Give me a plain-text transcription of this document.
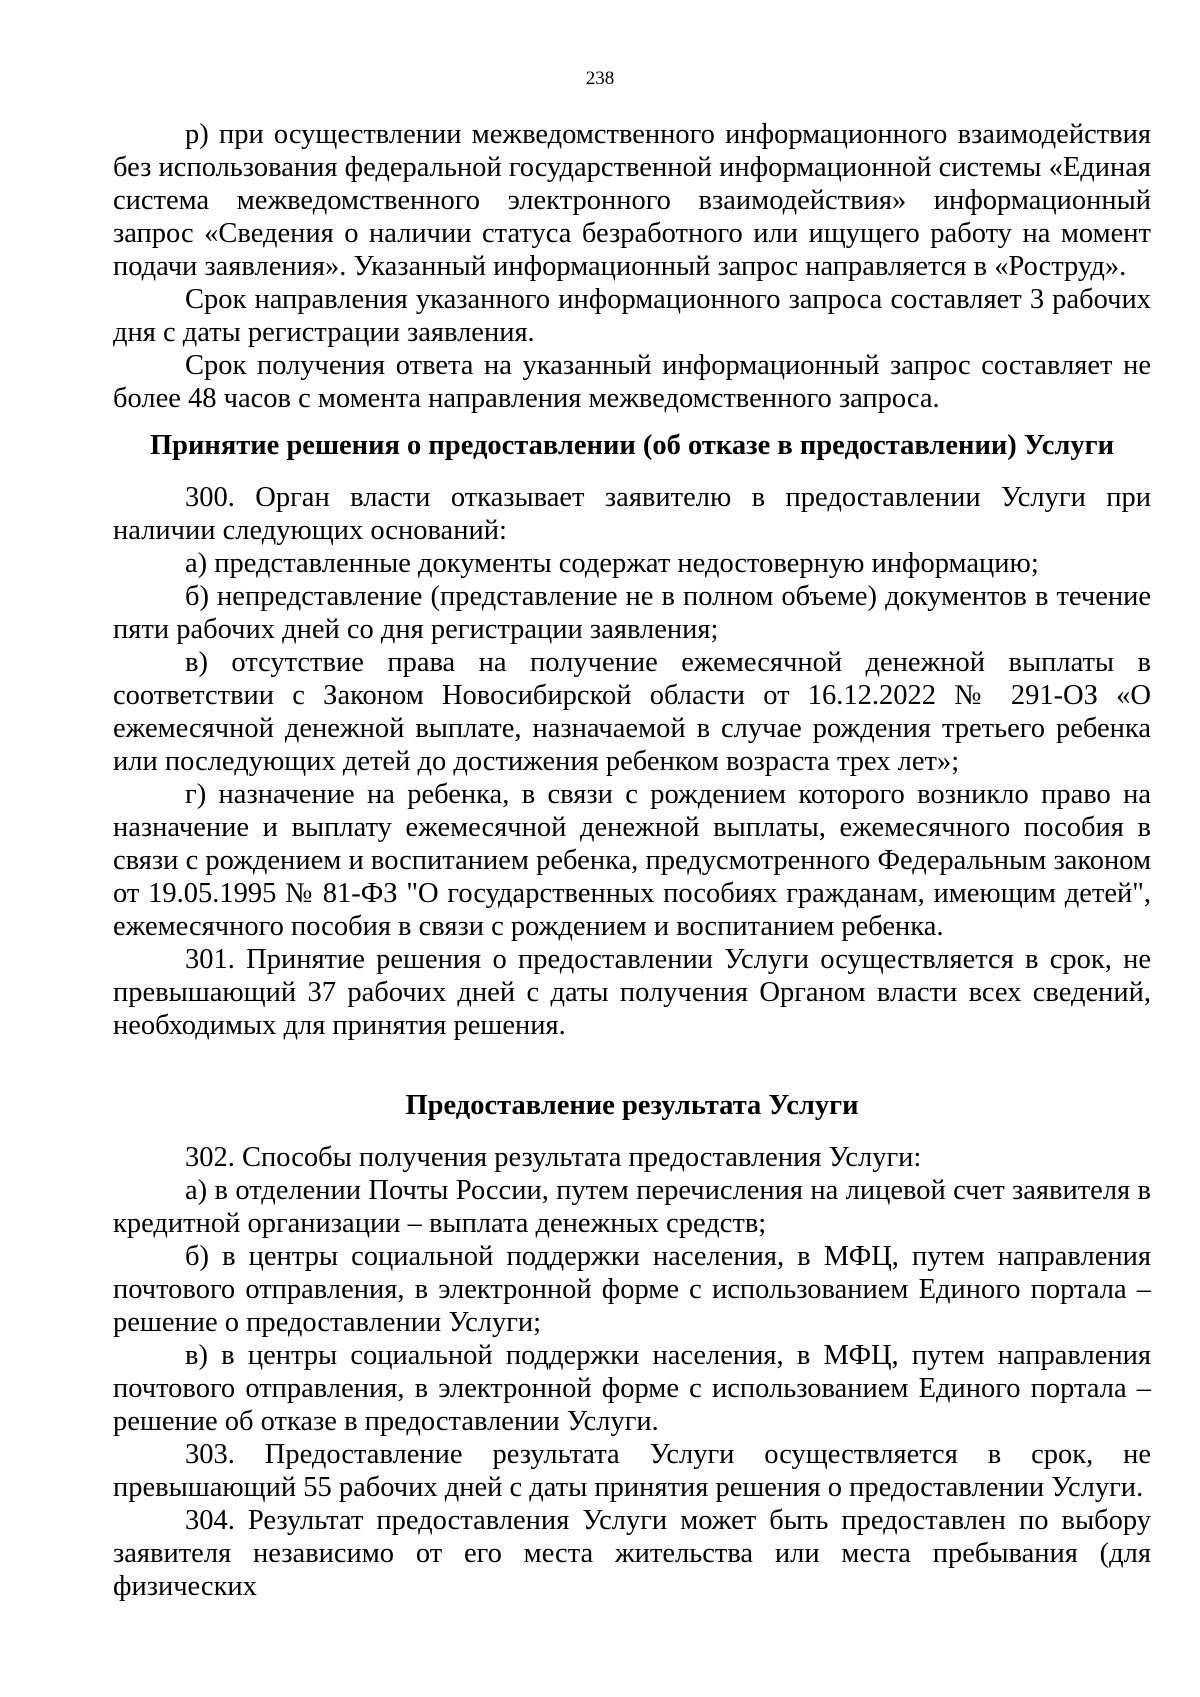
238

р) при осуществлении межведомственного информационного взаимодействия без использования федеральной государственной информационной системы «Единая система межведомственного электронного взаимодействия» информационный запрос «Сведения о наличии статуса безработного или ищущего работу на момент подачи заявления». Указанный информационный запрос направляется в «Роструд».

Срок направления указанного информационного запроса составляет 3 рабочих дня с даты регистрации заявления.

Срок получения ответа на указанный информационный запрос составляет не более 48 часов с момента направления межведомственного запроса.

Принятие решения о предоставлении (об отказе в предоставлении) Услуги

300. Орган власти отказывает заявителю в предоставлении Услуги при наличии следующих оснований:

а) представленные документы содержат недостоверную информацию;

б) непредставление (представление не в полном объеме) документов в течение пяти рабочих дней со дня регистрации заявления;

в) отсутствие права на получение ежемесячной денежной выплаты в соответствии с Законом Новосибирской области от 16.12.2022 № 291-ОЗ «О ежемесячной денежной выплате, назначаемой в случае рождения третьего ребенка или последующих детей до достижения ребенком возраста трех лет»;

г) назначение на ребенка, в связи с рождением которого возникло право на назначение и выплату ежемесячной денежной выплаты, ежемесячного пособия в связи с рождением и воспитанием ребенка, предусмотренного Федеральным законом от 19.05.1995 № 81-ФЗ "О государственных пособиях гражданам, имеющим детей", ежемесячного пособия в связи с рождением и воспитанием ребенка.

301. Принятие решения о предоставлении Услуги осуществляется в срок, не превышающий 37 рабочих дней с даты получения Органом власти всех сведений, необходимых для принятия решения.

Предоставление результата Услуги

302. Способы получения результата предоставления Услуги:

а) в отделении Почты России, путем перечисления на лицевой счет заявителя в кредитной организации – выплата денежных средств;

б) в центры социальной поддержки населения, в МФЦ, путем направления почтового отправления, в электронной форме с использованием Единого портала – решение о предоставлении Услуги;

в) в центры социальной поддержки населения, в МФЦ, путем направления почтового отправления, в электронной форме с использованием Единого портала – решение об отказе в предоставлении Услуги.

303. Предоставление результата Услуги осуществляется в срок, не превышающий 55 рабочих дней с даты принятия решения о предоставлении Услуги.

304. Результат предоставления Услуги может быть предоставлен по выбору заявителя независимо от его места жительства или места пребывания (для физических
